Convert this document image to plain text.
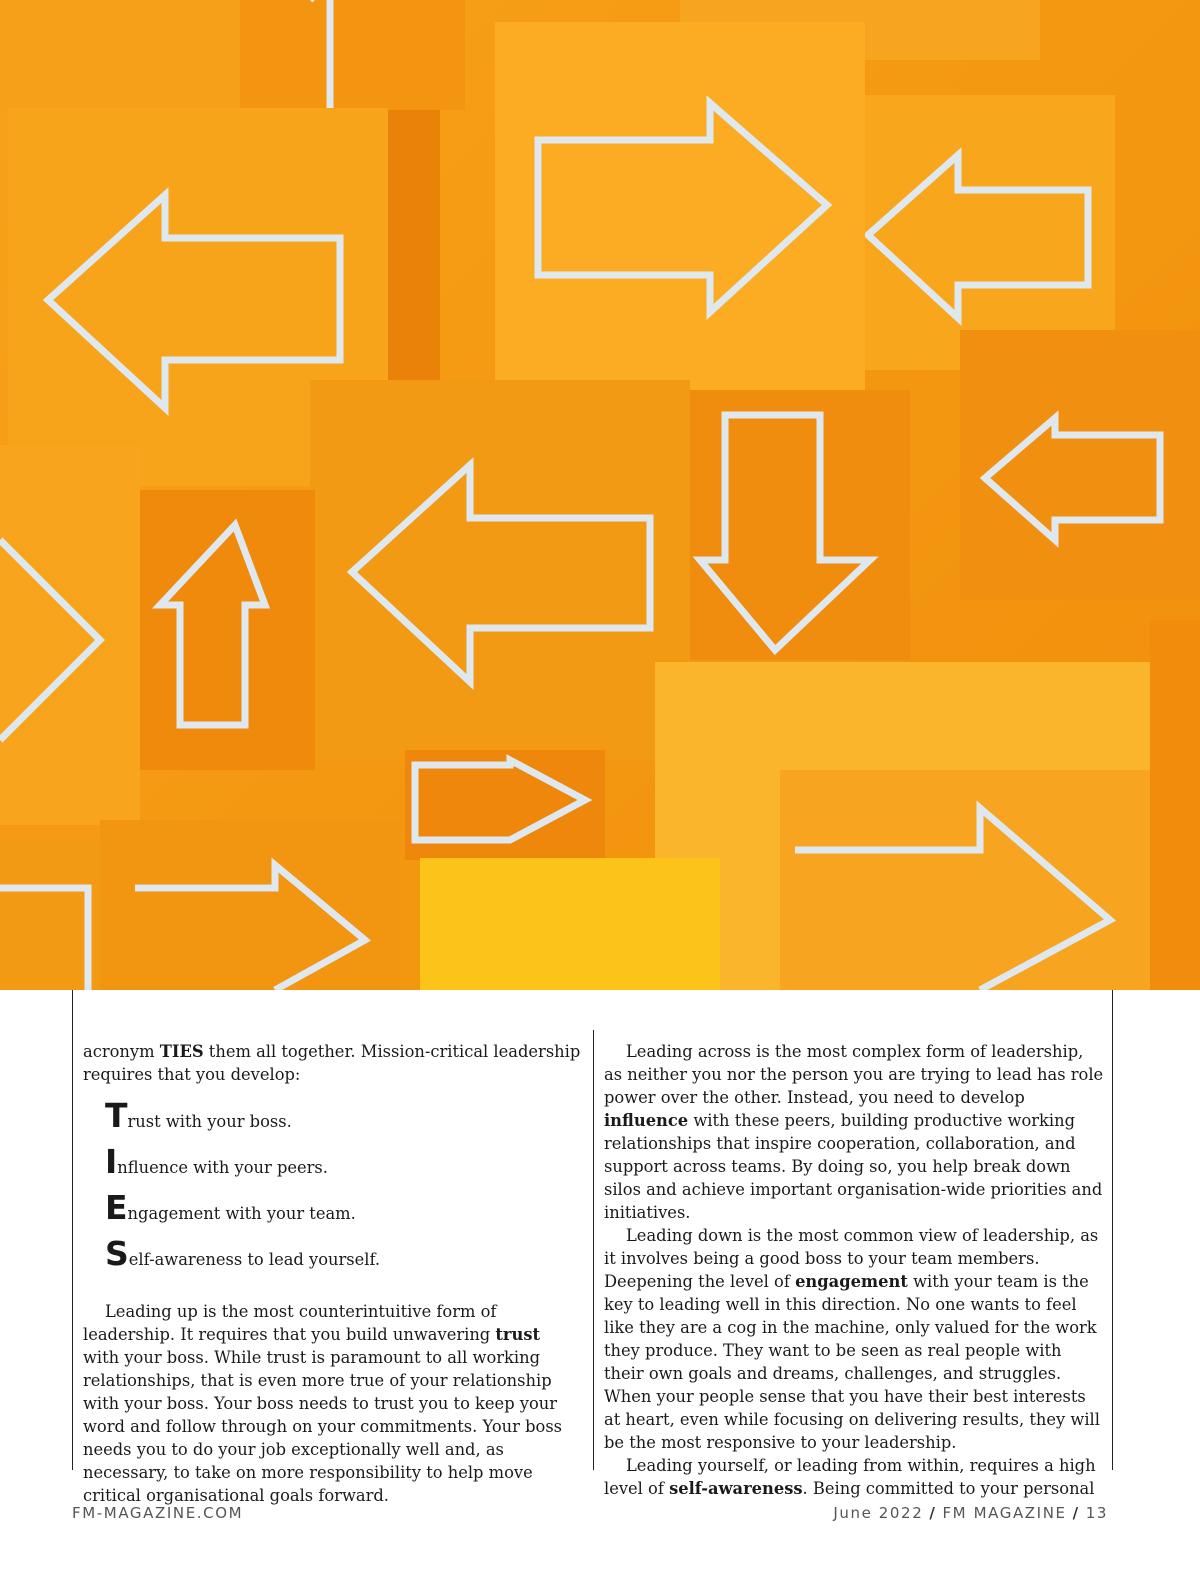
acronym TIES them all together. Mission-critical leadership requires that you develop:

T rust with your boss.
I nfluence with your peers.
E ngagement with your team.
S elf-awareness to lead yourself.

Leading up is the most counterintuitive form of leadership. It requires that you build unwavering trust with your boss. While trust is paramount to all working relationships, that is even more true of your relationship with your boss. Your boss needs to trust you to keep your word and follow through on your commitments. Your boss needs you to do your job exceptionally well and, as necessary, to take on more responsibility to help move critical organisational goals forward.

Leading across is the most complex form of leadership, as neither you nor the person you are trying to lead has role power over the other. Instead, you need to develop influence with these peers, building productive working relationships that inspire cooperation, collaboration, and support across teams. By doing so, you help break down silos and achieve important organisation-wide priorities and initiatives.

Leading down is the most common view of leadership, as it involves being a good boss to your team members. Deepening the level of engagement with your team is the key to leading well in this direction. No one wants to feel like they are a cog in the machine, only valued for the work they produce. They want to be seen as real people with their own goals and dreams, challenges, and struggles. When your people sense that you have their best interests at heart, even while focusing on delivering results, they will be the most responsive to your leadership.

Leading yourself, or leading from within, requires a high level of self-awareness. Being committed to your personal

FM-MAGAZINE.COM	June 2022 / FM MAGAZINE / 13
